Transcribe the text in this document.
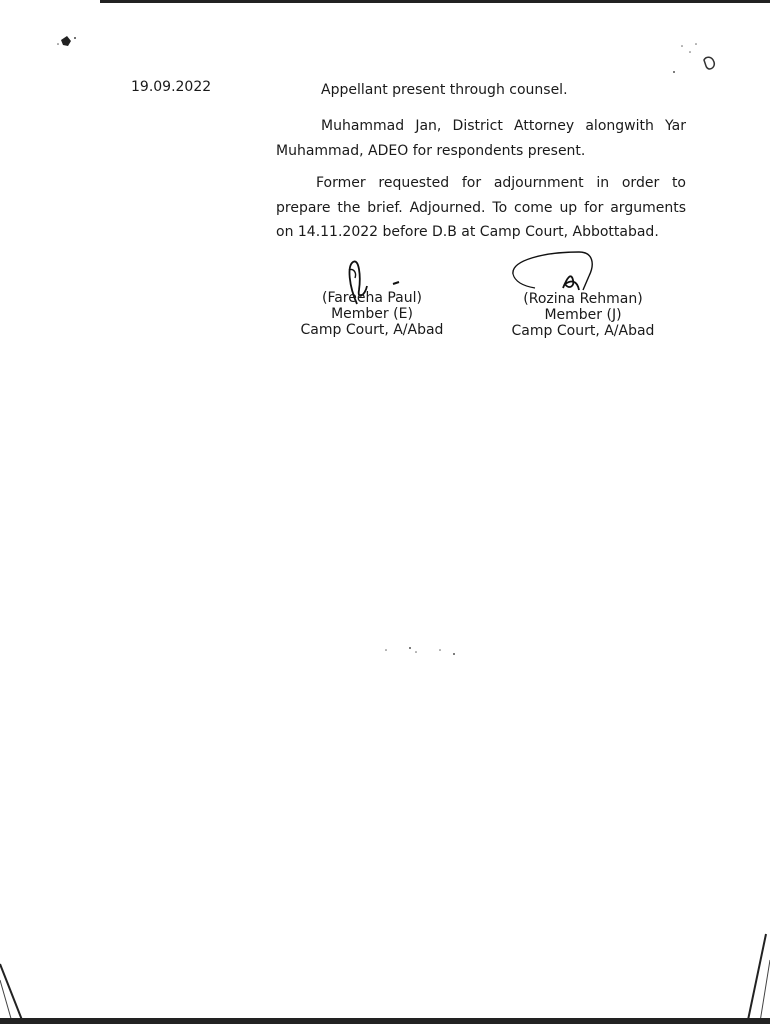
19.09.2022	Appellant present through counsel.

Muhammad Jan, District Attorney alongwith Yar Muhammad, ADEO for respondents present.

Former requested for adjournment in order to prepare the brief. Adjourned. To come up for arguments on 14.11.2022 before D.B at Camp Court, Abbottabad.

(Fareeha Paul)
Member (E)
Camp Court, A/Abad
(Rozina Rehman)
Member (J)
Camp Court, A/Abad
